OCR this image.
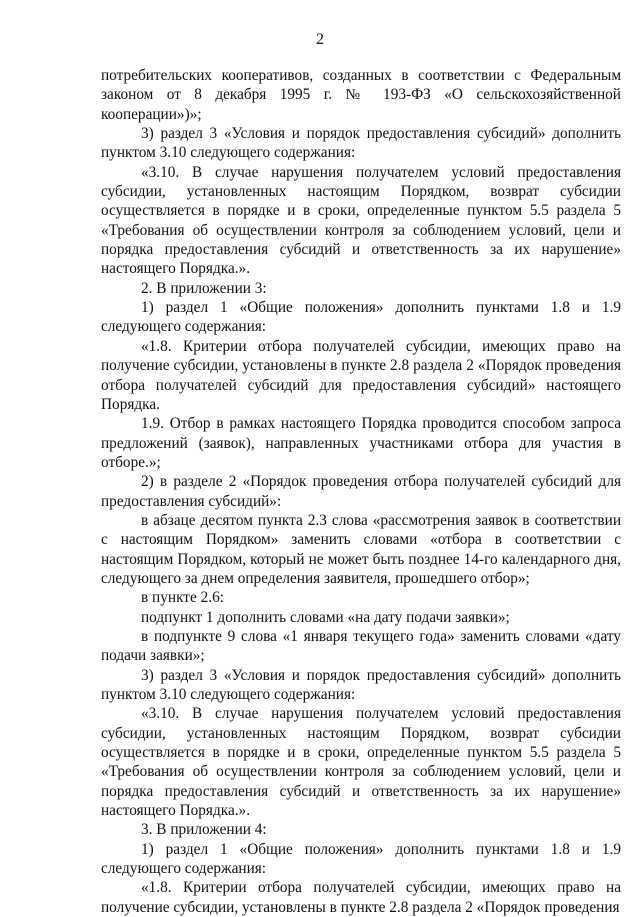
2

потребительских кооперативов, созданных в соответствии с Федеральным законом от 8 декабря 1995 г. № 193-ФЗ «О сельскохозяйственной кооперации»)»;

3) раздел 3 «Условия и порядок предоставления субсидий» дополнить пунктом 3.10 следующего содержания:

«3.10. В случае нарушения получателем условий предоставления субсидии, установленных настоящим Порядком, возврат субсидии осуществляется в порядке и в сроки, определенные пунктом 5.5 раздела 5 «Требования об осуществлении контроля за соблюдением условий, цели и порядка предоставления субсидий и ответственность за их нарушение» настоящего Порядка.».

2. В приложении 3:

1) раздел 1 «Общие положения» дополнить пунктами 1.8 и 1.9 следующего содержания:

«1.8. Критерии отбора получателей субсидии, имеющих право на получение субсидии, установлены в пункте 2.8 раздела 2 «Порядок проведения отбора получателей субсидий для предоставления субсидий» настоящего Порядка.

1.9. Отбор в рамках настоящего Порядка проводится способом запроса предложений (заявок), направленных участниками отбора для участия в отборе.»;

2) в разделе 2 «Порядок проведения отбора получателей субсидий для предоставления субсидий»:

в абзаце десятом пункта 2.3 слова «рассмотрения заявок в соответствии с настоящим Порядком» заменить словами «отбора в соответствии с настоящим Порядком, который не может быть позднее 14-го календарного дня, следующего за днем определения заявителя, прошедшего отбор»;

в пункте 2.6:

подпункт 1 дополнить словами «на дату подачи заявки»;

в подпункте 9 слова «1 января текущего года» заменить словами «дату подачи заявки»;

3) раздел 3 «Условия и порядок предоставления субсидий» дополнить пунктом 3.10 следующего содержания:

«3.10. В случае нарушения получателем условий предоставления субсидии, установленных настоящим Порядком, возврат субсидии осуществляется в порядке и в сроки, определенные пунктом 5.5 раздела 5 «Требования об осуществлении контроля за соблюдением условий, цели и порядка предоставления субсидий и ответственность за их нарушение» настоящего Порядка.».

3. В приложении 4:

1) раздел 1 «Общие положения» дополнить пунктами 1.8 и 1.9 следующего содержания:

«1.8. Критерии отбора получателей субсидии, имеющих право на получение субсидии, установлены в пункте 2.8 раздела 2 «Порядок проведения
